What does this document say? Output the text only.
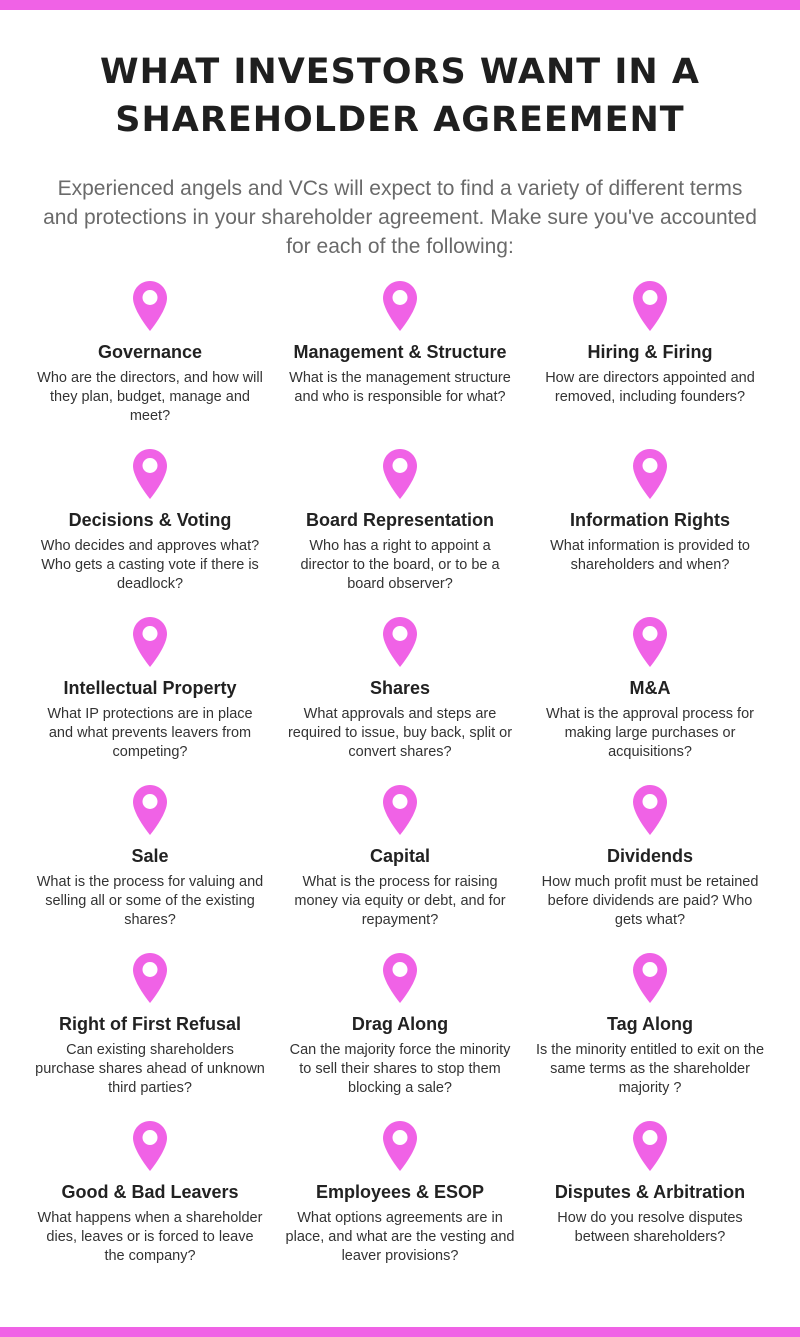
WHAT INVESTORS WANT IN A
SHAREHOLDER AGREEMENT

Experienced angels and VCs will expect to find a variety of different terms and protections in your shareholder agreement. Make sure you've accounted for each of the following:

Governance
Who are the directors, and how will they plan, budget, manage and meet?
Management & Structure
What is the management structure and who is responsible for what?
Hiring & Firing
How are directors appointed and removed, including founders?
Decisions & Voting
Who decides and approves what? Who gets a casting vote if there is deadlock?
Board Representation
Who has a right to appoint a director to the board, or to be a board observer?
Information Rights
What information is provided to shareholders and when?
Intellectual Property
What IP protections are in place and what prevents leavers from competing?
Shares
What approvals and steps are required to issue, buy back, split or convert shares?
M&A
What is the approval process for making large purchases or acquisitions?
Sale
What is the process for valuing and selling all or some of the existing shares?
Capital
What is the process for raising money via equity or debt, and for repayment?
Dividends
How much profit must be retained before dividends are paid? Who gets what?
Right of First Refusal
Can existing shareholders purchase shares ahead of unknown third parties?
Drag Along
Can the majority force the minority to sell their shares to stop them blocking a sale?
Tag Along
Is the minority entitled to exit on the same terms as the shareholder majority ?
Good & Bad Leavers
What happens when a shareholder dies, leaves or is forced to leave the company?
Employees & ESOP
What options agreements are in place, and what are the vesting and leaver provisions?
Disputes & Arbitration
How do you resolve disputes between shareholders?
